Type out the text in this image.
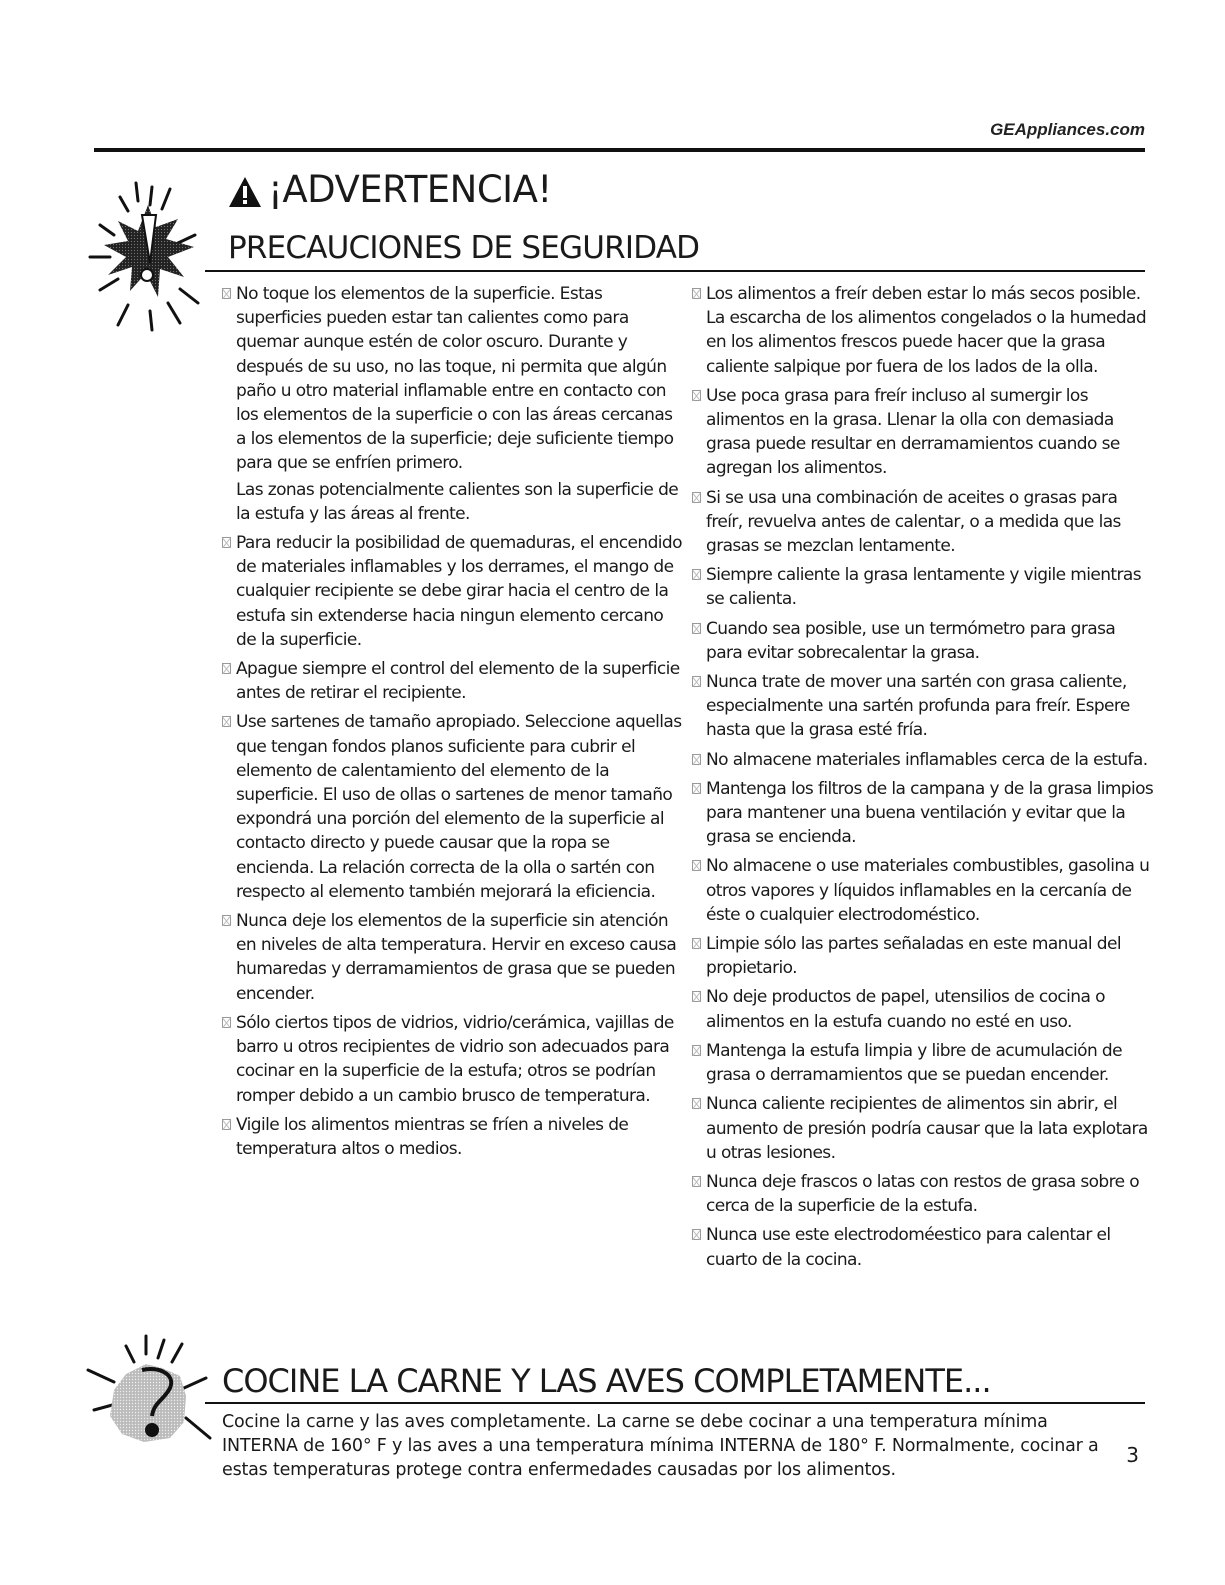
GEAppliances.com
¡ADVERTENCIA!
PRECAUCIONES DE SEGURIDAD

No toque los elementos de la superficie. Estas superficies pueden estar tan calientes como para quemar aunque estén de color oscuro. Durante y después de su uso, no las toque, ni permita que algún paño u otro material inflamable entre en contacto con los elementos de la superficie o con las áreas cercanas a los elementos de la superficie; deje suficiente tiempo para que se enfríen primero.

Las zonas potencialmente calientes son la superficie de la estufa y las áreas al frente.

Para reducir la posibilidad de quemaduras, el encendido de materiales inflamables y los derrames, el mango de cualquier recipiente se debe girar hacia el centro de la estufa sin extenderse hacia ningun elemento cercano de la superficie.

Apague siempre el control del elemento de la superficie antes de retirar el recipiente.

Use sartenes de tamaño apropiado. Seleccione aquellas que tengan fondos planos suficiente para cubrir el elemento de calentamiento del elemento de la superficie. El uso de ollas o sartenes de menor tamaño expondrá una porción del elemento de la superficie al contacto directo y puede causar que la ropa se encienda. La relación correcta de la olla o sartén con respecto al elemento también mejorará la eficiencia.

Nunca deje los elementos de la superficie sin atención en niveles de alta temperatura. Hervir en exceso causa humaredas y derramamientos de grasa que se pueden encender.

Sólo ciertos tipos de vidrios, vidrio/cerámica, vajillas de barro u otros recipientes de vidrio son adecuados para cocinar en la superficie de la estufa; otros se podrían romper debido a un cambio brusco de temperatura.

Vigile los alimentos mientras se fríen a niveles de temperatura altos o medios.

Los alimentos a freír deben estar lo más secos posible. La escarcha de los alimentos congelados o la humedad en los alimentos frescos puede hacer que la grasa caliente salpique por fuera de los lados de la olla.

Use poca grasa para freír incluso al sumergir los alimentos en la grasa. Llenar la olla con demasiada grasa puede resultar en derramamientos cuando se agregan los alimentos.

Si se usa una combinación de aceites o grasas para freír, revuelva antes de calentar, o a medida que las grasas se mezclan lentamente.

Siempre caliente la grasa lentamente y vigile mientras se calienta.

Cuando sea posible, use un termómetro para grasa para evitar sobrecalentar la grasa.

Nunca trate de mover una sartén con grasa caliente, especialmente una sartén profunda para freír. Espere hasta que la grasa esté fría.

No almacene materiales inflamables cerca de la estufa.

Mantenga los filtros de la campana y de la grasa limpios para mantener una buena ventilación y evitar que la grasa se encienda.

No almacene o use materiales combustibles, gasolina u otros vapores y líquidos inflamables en la cercanía de éste o cualquier electrodoméstico.

Limpie sólo las partes señaladas en este manual del propietario.

No deje productos de papel, utensilios de cocina o alimentos en la estufa cuando no esté en uso.

Mantenga la estufa limpia y libre de acumulación de grasa o derramamientos que se puedan encender.

Nunca caliente recipientes de alimentos sin abrir, el aumento de presión podría causar que la lata explotara u otras lesiones.

Nunca deje frascos o latas con restos de grasa sobre o cerca de la superficie de la estufa.

Nunca use este electrodoméestico para calentar el cuarto de la cocina.

COCINE LA CARNE Y LAS AVES COMPLETAMENTE...
Cocine la carne y las aves completamente. La carne se debe cocinar a una temperatura mínima INTERNA de 160° F y las aves a una temperatura mínima INTERNA de 180° F. Normalmente, cocinar a estas temperaturas protege contra enfermedades causadas por los alimentos.
3
